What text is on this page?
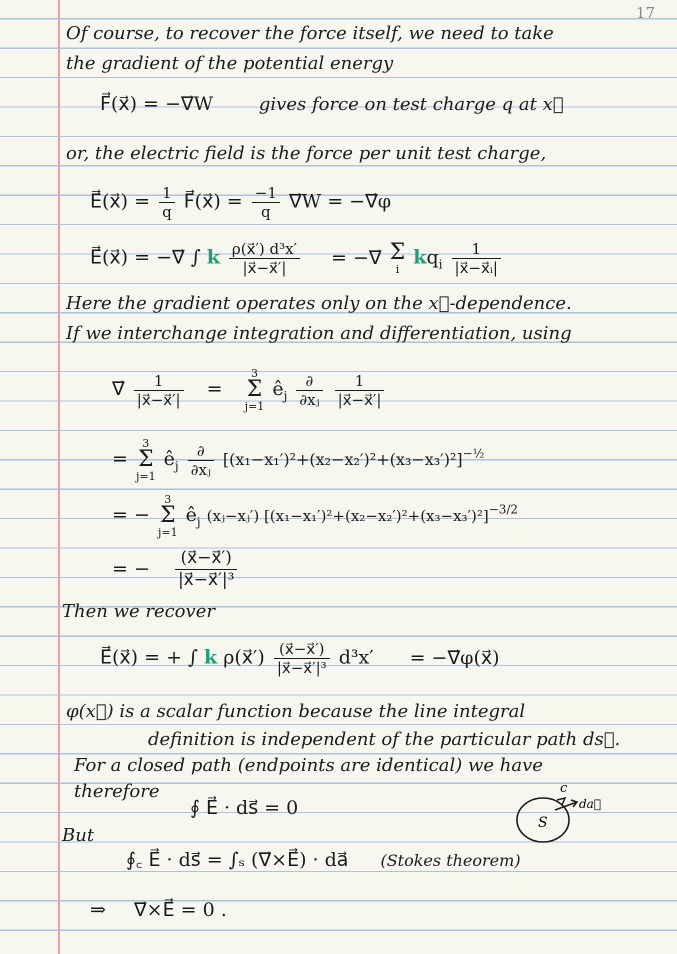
17
Of course, to recover the force itself, we need to take
the gradient of the potential energy
F⃗(x⃗) = −∇⃗W	gives force on test charge q at x⃗
or, the electric field is the force per unit test charge,
E⃗(x⃗) = $\frac{1}{q}$ F⃗(x⃗) = $\frac{-1}{q}$ ∇⃗W = −∇⃗φ
E⃗(x⃗) = −∇⃗ ∫ k $\frac{\text{ρ(x⃗′) d³x′}}{|x⃗-x⃗'|}$ = −∇⃗ Σ
i $kq_i \frac{1}{\text{|x⃗−x⃗ᵢ|}}$
Here the gradient operates only on the x⃗-dependence.
If we interchange integration and differentiation, using
∇⃗ $\frac{1}{|x⃗-x⃗'|} = 3$
Σ
j=1 $ê_j \frac{\partial}{\text{∂xⱼ}}$
$\frac{1}{|x⃗-x⃗'|}$
= 3
Σ
j=1 $ê_j \frac{\partial}{\text{∂xⱼ}} [(x_1-x_1')^2+(x_2-x_2')^2+(x_3-x_3')^2]^{-\frac{1}{2}}$
= − 3
Σ
j=1 $ê_j$ (xⱼ−xⱼ′) $[(x_1-x_1')^2+(x_2-x_2')^2+(x_3-x_3')^2]^{-3/2}$
= − $\frac{(x⃗-x⃗')}{\text{|x⃗−x⃗′|³}}$
Then we recover
E⃗(x⃗) = + ∫ k ρ(x⃗′) $\frac{(x⃗-x⃗')}{\text{|x⃗−x⃗′|³}} d^3x'$ = −∇⃗φ(x⃗)
φ(x⃗) is a scalar function because the line integral
definition is independent of the particular path ds⃗.
For a closed path (endpoints are identical) we have
therefore
∮ E⃗ · ds⃗ = 0
But
∮꜀ E⃗ · ds⃗ = ∫ₛ (∇⃗×E⃗) · da⃗ (Stokes theorem)
⇒ ∇⃗×E⃗ = 0 .
c
S
da⃗
